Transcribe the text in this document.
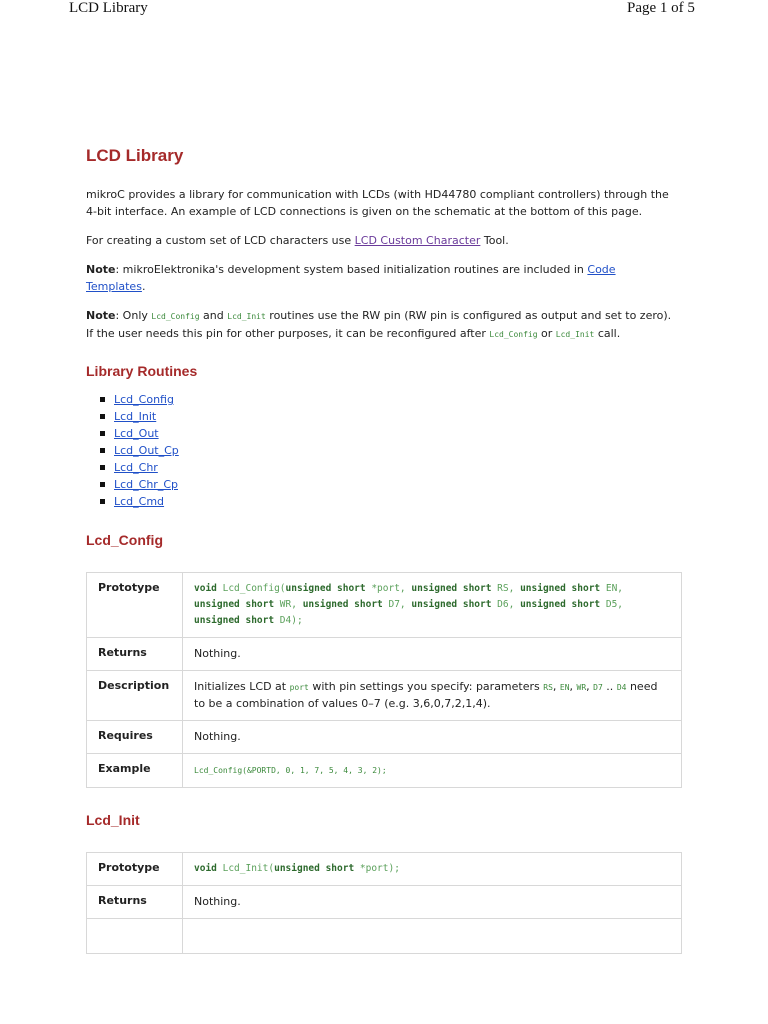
LCD Library	Page 1 of 5
LCD Library

mikroC provides a library for communication with LCDs (with HD44780 compliant controllers) through the 4-bit interface. An example of LCD connections is given on the schematic at the bottom of this page.

For creating a custom set of LCD characters use LCD Custom Character Tool.

Note: mikroElektronika's development system based initialization routines are included in Code Templates.

Note: Only Lcd_Config and Lcd_Init routines use the RW pin (RW pin is configured as output and set to zero). If the user needs this pin for other purposes, it can be reconfigured after Lcd_Config or Lcd_Init call.

Library Routines
Lcd_Config
Lcd_Init
Lcd_Out
Lcd_Out_Cp
Lcd_Chr
Lcd_Chr_Cp
Lcd_Cmd
Lcd_Config
Prototype	void Lcd_Config(unsigned short *port, unsigned short RS, unsigned short EN, unsigned short WR, unsigned short D7, unsigned short D6, unsigned short D5, unsigned short D4);
Returns	Nothing.
Description	Initializes LCD at port with pin settings you specify: parameters RS, EN, WR, D7 .. D4 need to be a combination of values 0–7 (e.g. 3,6,0,7,2,1,4).
Requires	Nothing.
Example	Lcd_Config(&PORTD, 0, 1, 7, 5, 4, 3, 2);
Lcd_Init
Prototype	void Lcd_Init(unsigned short *port);
Returns	Nothing.
